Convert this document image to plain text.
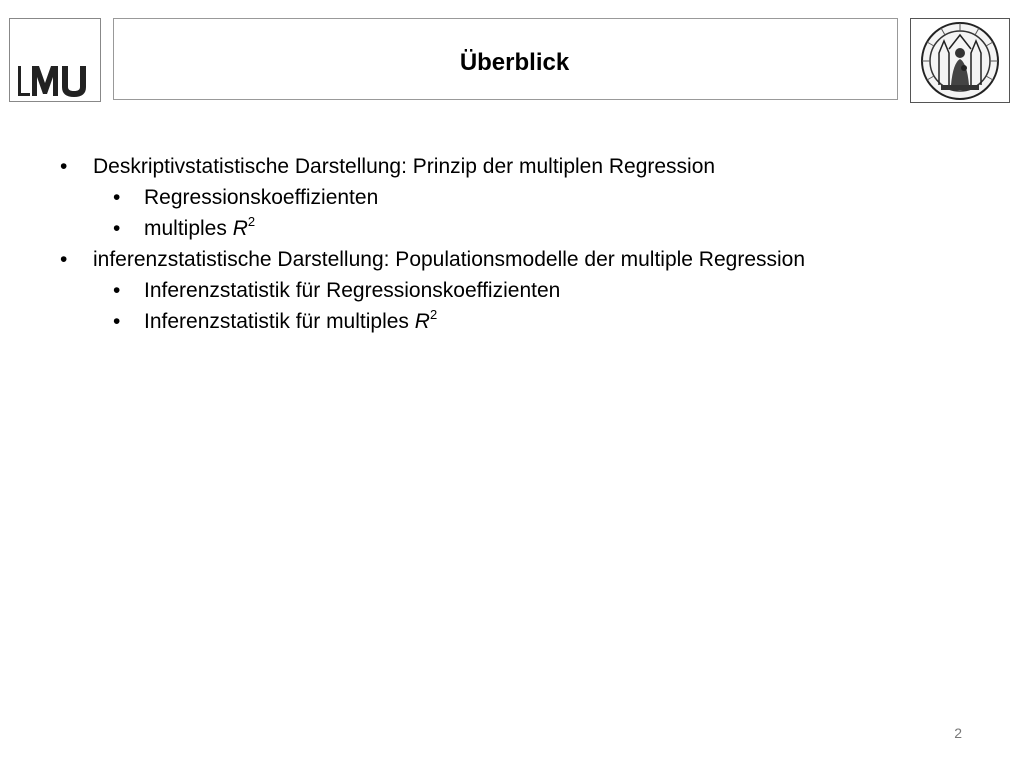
Überblick
• Deskriptivstatistische Darstellung: Prinzip der multiplen Regression
• Regressionskoeffizienten
• multiples $R^2$
• inferenzstatistische Darstellung: Populationsmodelle der multiple Regression
• Inferenzstatistik für Regressionskoeffizienten
• Inferenzstatistik für multiples $R^2$
2
